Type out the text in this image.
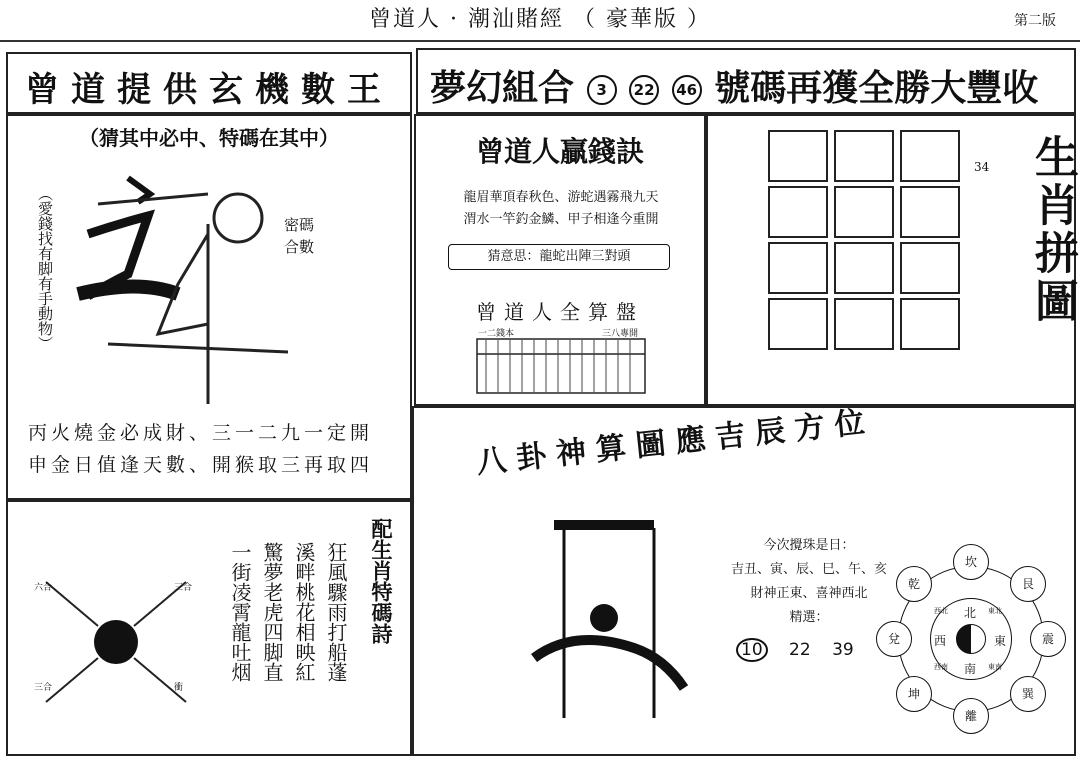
曾道人 · 潮汕賭經 （ 豪華版 ）	第二版
曾道提供玄機數王
（猜其中必中、特碼在其中）
（愛錢找有脚有手動物）	密碼合數
丙火燒金必成財、三一二九一定開
申金日值逢天數、開猴取三再取四
夢幻組合 3 22 46 號碼再獲全勝大豐收
曾道人贏錢訣
龍眉華頂春秋色、游蛇遇霧飛九天
渭水一竿釣金鱗、甲子相逢今重開
猜意思：龍蛇出陣三對頭
曾道人全算盤
一二錢本	三八專開

34 生肖拼圖
六合	三合
三合	衝
狂風驟雨打船蓬
溪畔桃花相映紅
驚夢老虎四脚直
一街凌霄龍吐烟	配生肖特碼詩
八卦神算圖應吉辰方位
今次攪珠是日：
吉丑、寅、辰、巳、午、亥
財神正東、喜神西北
精選：
10 22 39
坎
艮
震
巽
離
坤
兌
乾
北
東
南
西
西北	東北
東南
西南
